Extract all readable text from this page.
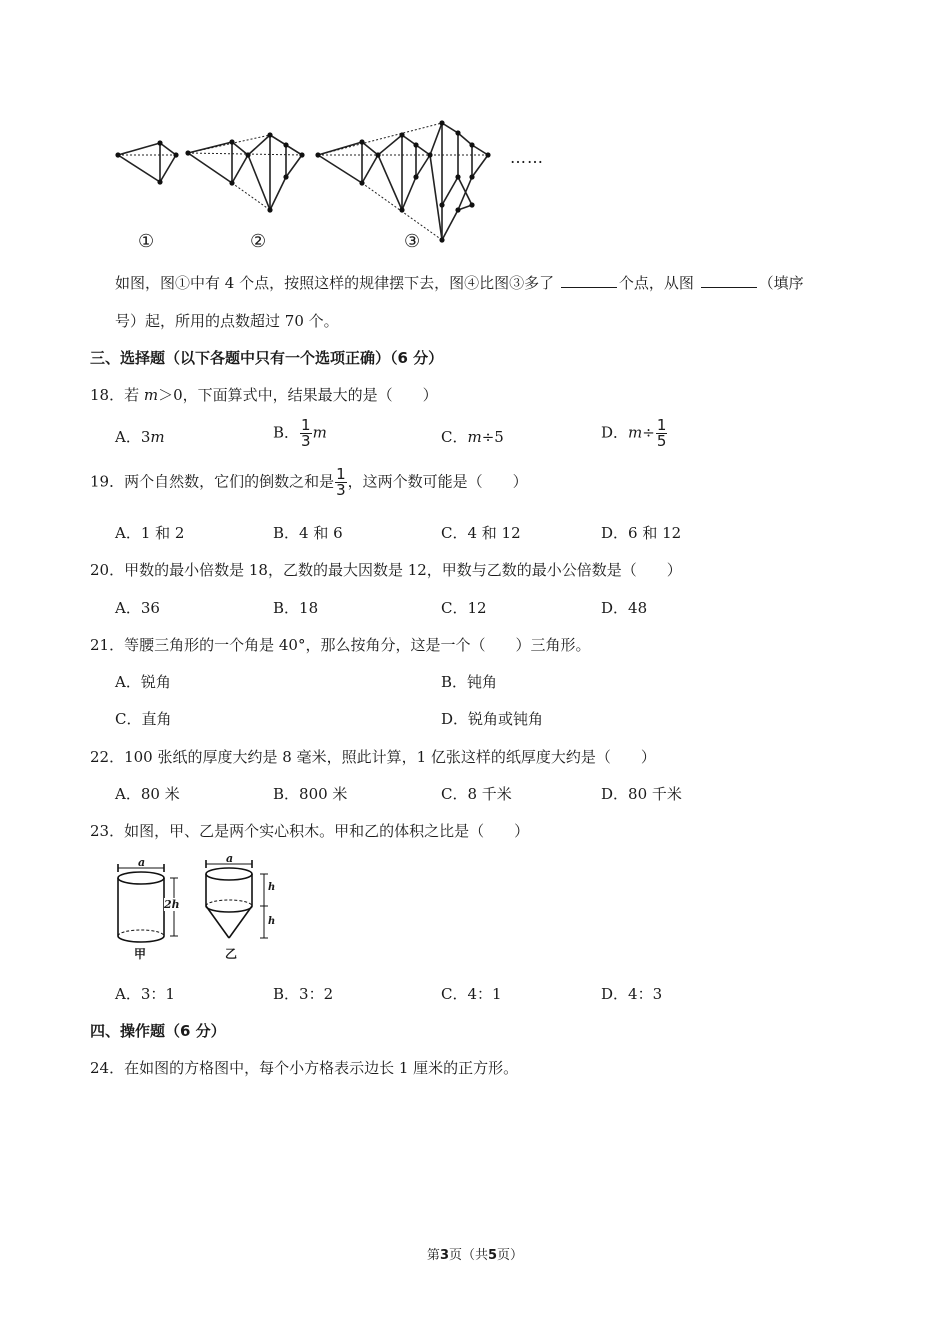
……
①	②	③
如图，图①中有 4 个点，按照这样的规律摆下去，图④比图③多了	个点，从图	（填序
号）起，所用的点数超过 70 个。
三、选择题（以下各题中只有一个选项正确）（6 分）
18．若 m＞0，下面算式中，结果最大的是（　　）
A．3m	B． $\frac{1}{3}$ m	C．m÷5	D．$m\div \frac{1}{5}$
19．两个自然数，它们的倒数之和是 $\frac{1}{3}$ ，这两个数可能是（　　）
A．1 和 2	B．4 和 6	C．4 和 12	D．6 和 12
20．甲数的最小倍数是 18，乙数的最大因数是 12，甲数与乙数的最小公倍数是（　　）
A．36	B．18	C．12	D．48
21．等腰三角形的一个角是 40°，那么按角分，这是一个（　　）三角形。
A．锐角	B．钝角
C．直角	D．锐角或钝角
22．100 张纸的厚度大约是 8 毫米，照此计算，1 亿张这样的纸厚度大约是（　　）
A．80 米	B．800 米	C．8 千米	D．80 千米
23．如图，甲、乙是两个实心积木。甲和乙的体积之比是（　　）
a	a
2h
h
h
甲	乙
A．3：1	B．3：2	C．4：1	D．4：3
四、操作题（6 分）
24．在如图的方格图中，每个小方格表示边长 1 厘米的正方形。
第3页（共5页）
